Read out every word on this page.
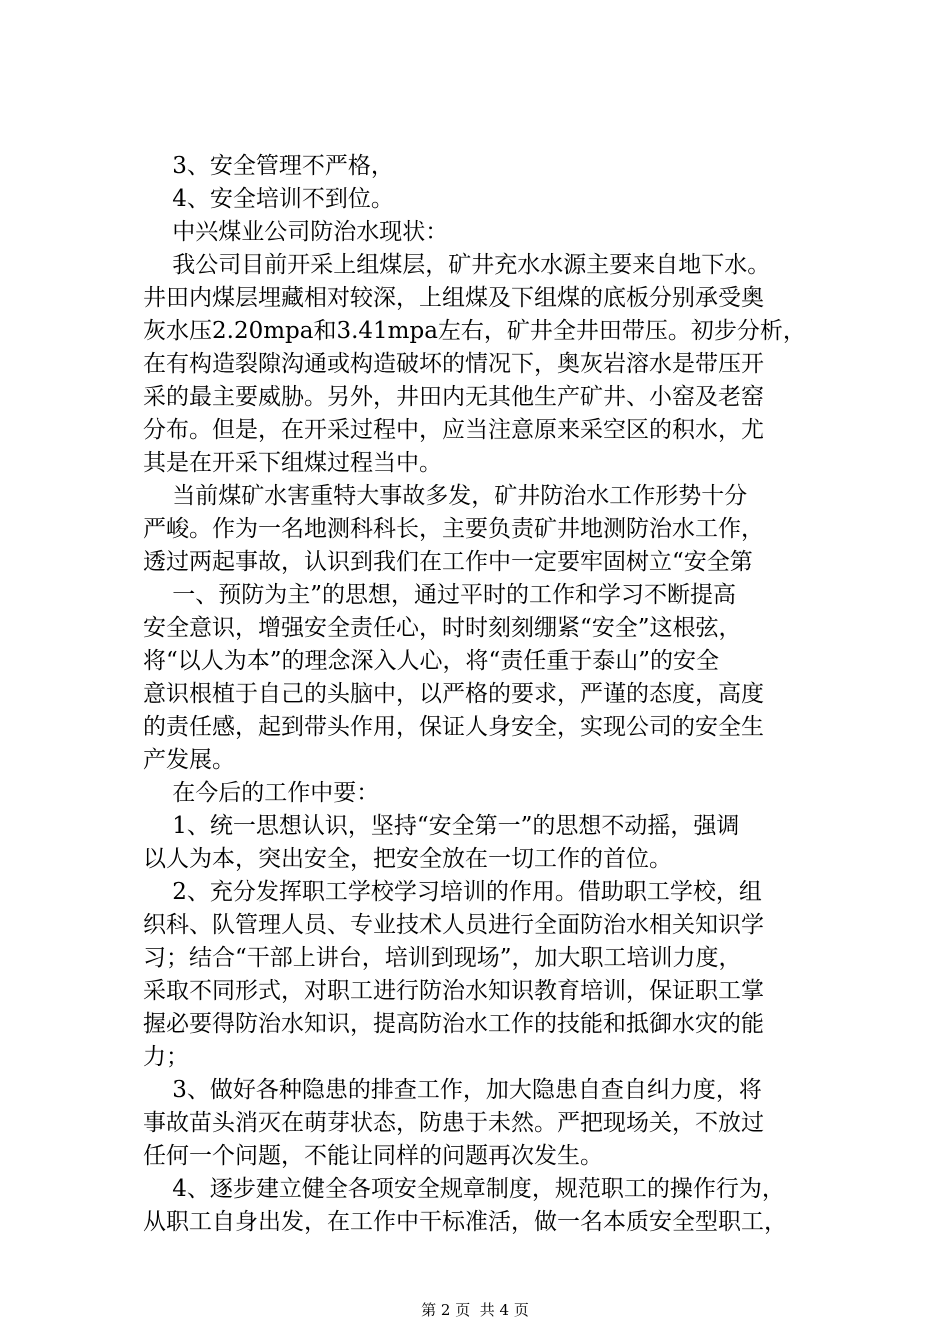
3、安全管理不严格，
4、安全培训不到位。
中兴煤业公司防治水现状：
我公司目前开采上组煤层，矿井充水水源主要来自地下水。
井田内煤层埋藏相对较深，上组煤及下组煤的底板分别承受奥
灰水压2.20mpa和3.41mpa左右，矿井全井田带压。初步分析，
在有构造裂隙沟通或构造破坏的情况下，奥灰岩溶水是带压开
采的最主要威胁。另外，井田内无其他生产矿井、小窑及老窑
分布。但是，在开采过程中，应当注意原来采空区的积水，尤
其是在开采下组煤过程当中。
当前煤矿水害重特大事故多发，矿井防治水工作形势十分
严峻。作为一名地测科科长，主要负责矿井地测防治水工作，
透过两起事故，认识到我们在工作中一定要牢固树立“安全第
一、预防为主”的思想，通过平时的工作和学习不断提高
安全意识，增强安全责任心，时时刻刻绷紧“安全”这根弦，
将“以人为本”的理念深入人心，将“责任重于泰山”的安全
意识根植于自己的头脑中，以严格的要求，严谨的态度，高度
的责任感，起到带头作用，保证人身安全，实现公司的安全生
产发展。
在今后的工作中要：
1、统一思想认识，坚持“安全第一”的思想不动摇，强调
以人为本，突出安全，把安全放在一切工作的首位。
2、充分发挥职工学校学习培训的作用。借助职工学校，组
织科、队管理人员、专业技术人员进行全面防治水相关知识学
习；结合“干部上讲台，培训到现场”，加大职工培训力度，
采取不同形式，对职工进行防治水知识教育培训，保证职工掌
握必要得防治水知识，提高防治水工作的技能和抵御水灾的能
力；
3、做好各种隐患的排查工作，加大隐患自查自纠力度，将
事故苗头消灭在萌芽状态，防患于未然。严把现场关，不放过
任何一个问题，不能让同样的问题再次发生。
4、逐步建立健全各项安全规章制度，规范职工的操作行为，
从职工自身出发，在工作中干标准活，做一名本质安全型职工，
第 2 页  共 4 页
